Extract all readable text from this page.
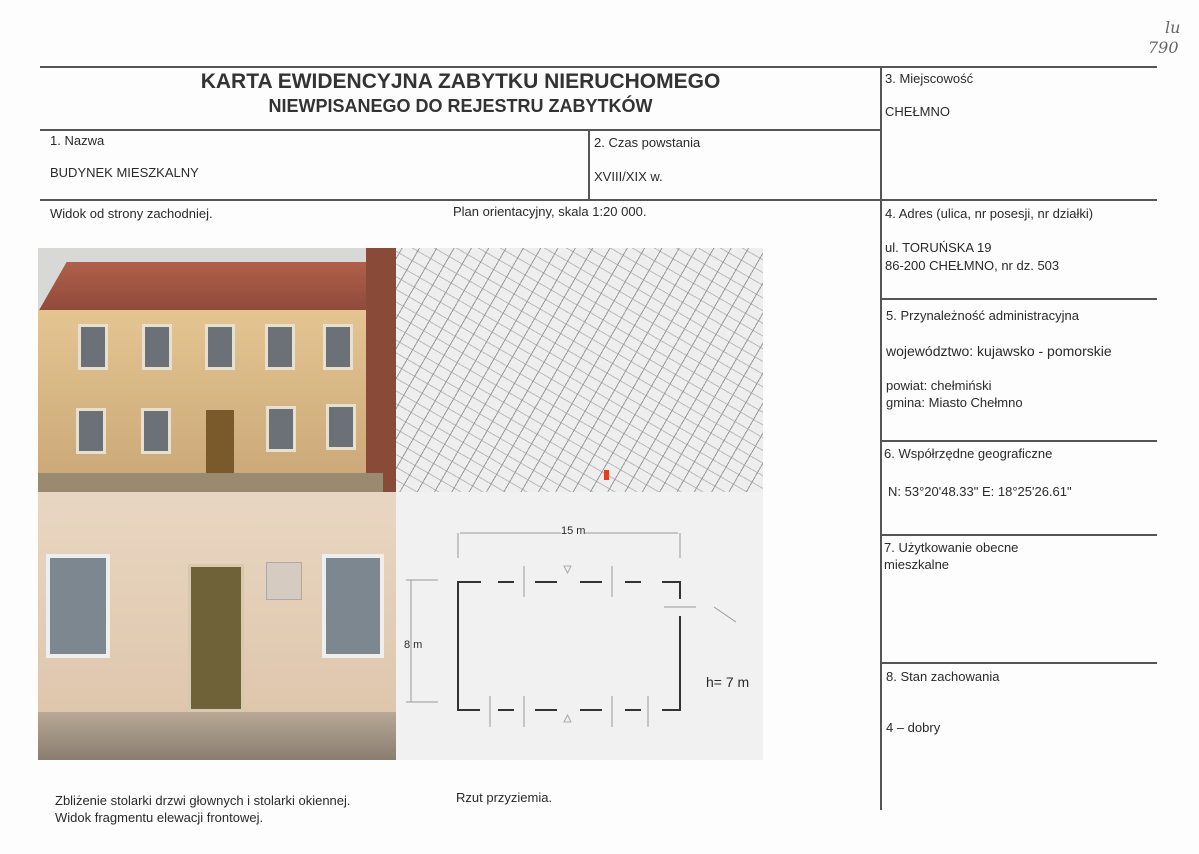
lu
790
KARTA EWIDENCYJNA ZABYTKU NIERUCHOMEGO
NIEWPISANEGO DO REJESTRU ZABYTKÓW
1. Nazwa
BUDYNEK MIESZKALNY
2. Czas powstania
XVIII/XIX w.
3. Miejscowość
CHEŁMNO
4. Adres (ulica, nr posesji, nr działki)
ul. TORUŃSKA 19
86-200 CHEŁMNO, nr dz. 503
5. Przynależność administracyjna
województwo: kujawsko - pomorskie
powiat: chełmiński
gmina: Miasto Chełmno
6. Współrzędne geograficzne
N: 53°20'48.33" E: 18°25'26.61"
7. Użytkowanie obecne
mieszkalne
8. Stan zachowania
4 – dobry
Widok od strony zachodniej.	Plan orientacyjny, skala 1:20 000.
Zbliżenie stolarki drzwi głownych i stolarki okiennej.
Widok fragmentu elewacji frontowej.
Rzut przyziemia.
15 m
8 m
h= 7 m
